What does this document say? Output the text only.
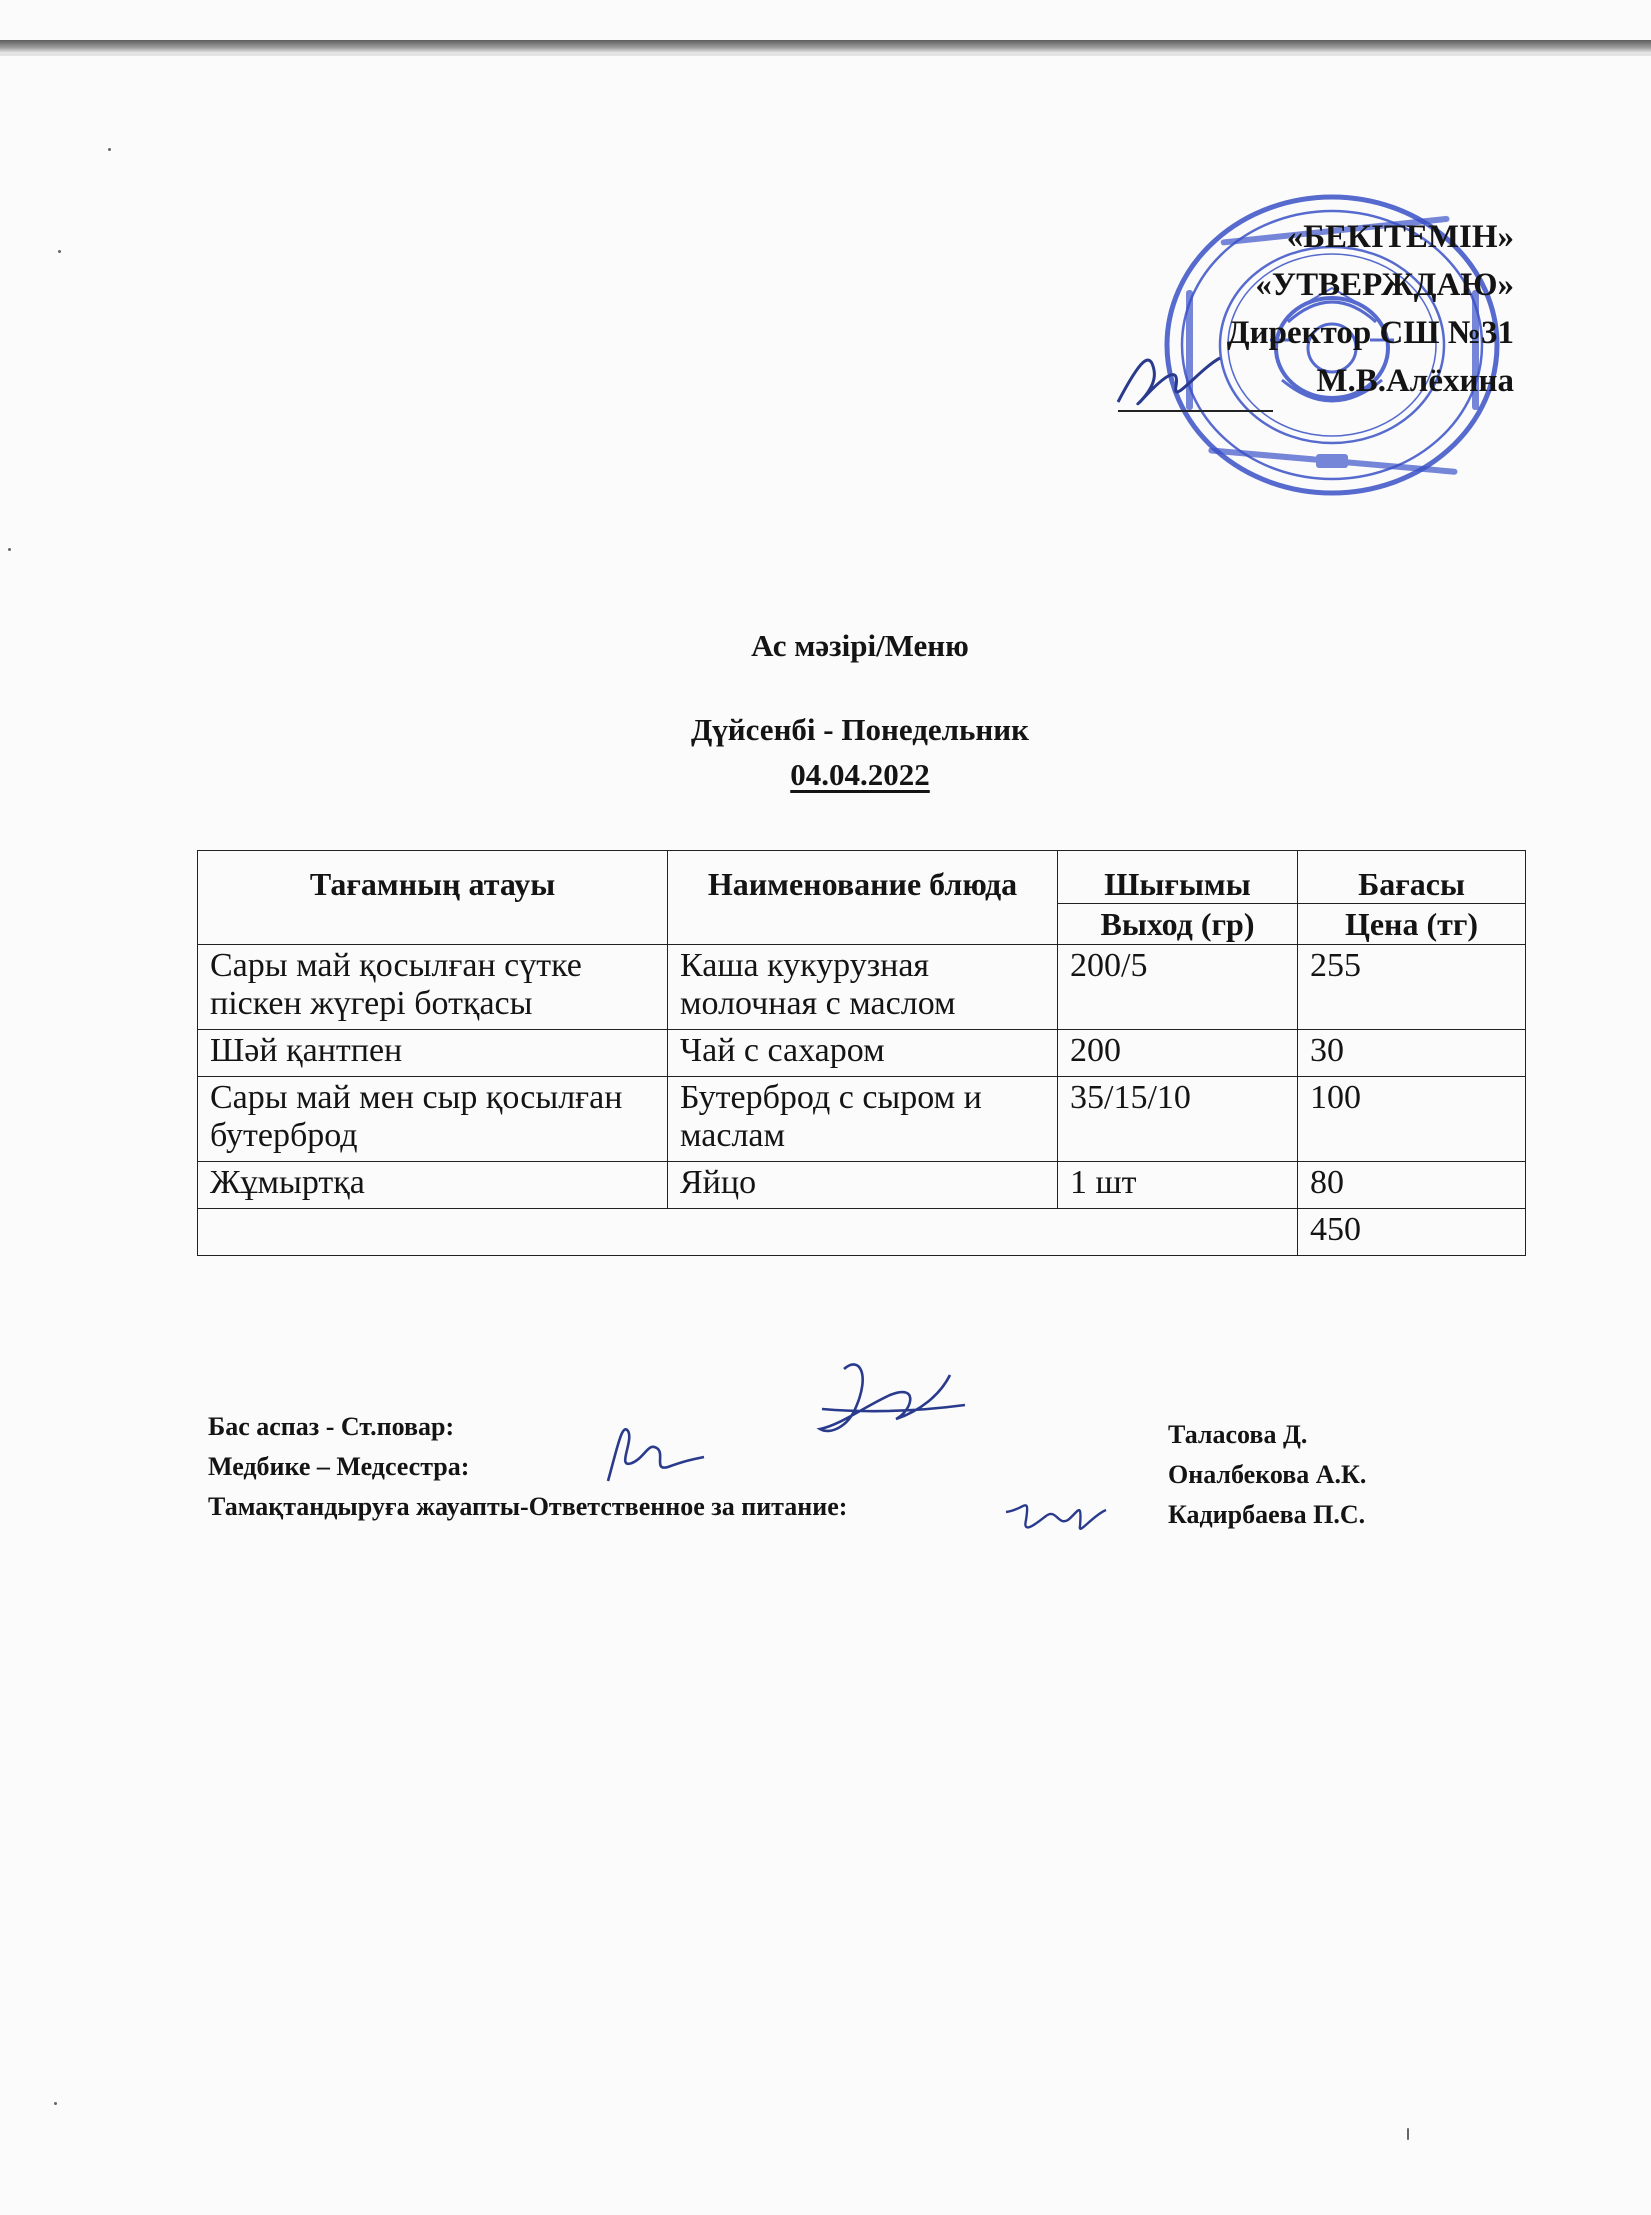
«БЕКІТЕМІН»
«УТВЕРЖДАЮ»
Директор СШ №31
М.В.Алёхина
Ас мәзірі/Меню
Дүйсенбі - Понедельник
04.04.2022
Тағамның атауы	Наименование блюда	Шығымы	Бағасы
		Выход (гр)	Цена (тг)
Сары май қосылған сүтке піскен жүгері ботқасы	Каша кукурузная молочная с маслом	200/5	255
Шәй қантпен	Чай с сахаром	200	30
Сары май мен сыр қосылған бутерброд	Бутерброд с сыром и маслам	35/15/10	100
Жұмыртқа	Яйцо	1 шт	80
			450
Бас аспаз - Ст.повар:
Медбике – Медсестра:
Тамақтандыруға жауапты-Ответственное за питание:
Таласова Д.
Оналбекова А.К.
Кадирбаева П.С.
